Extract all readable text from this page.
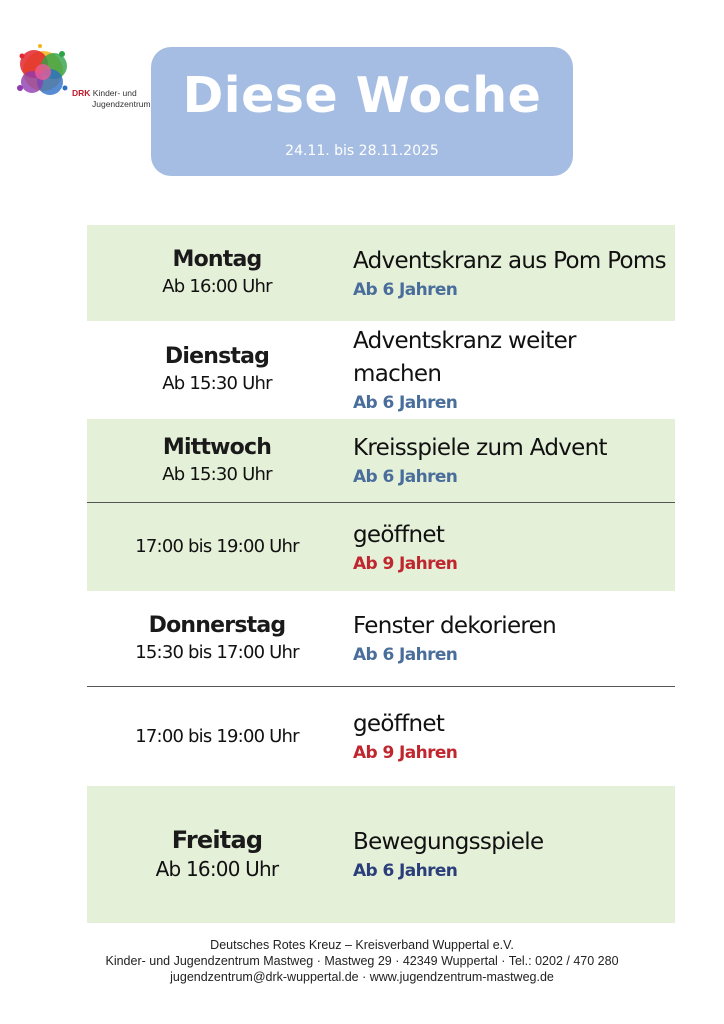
DRK Kinder- und
Jugendzentrum Diese Woche
24.11. bis 28.11.2025
Montag
Ab 16:00 Uhr
Adventskranz aus Pom Poms
Ab 6 Jahren
Dienstag
Ab 15:30 Uhr
Adventskranz weiter machen
Ab 6 Jahren
Mittwoch
Ab 15:30 Uhr
Kreisspiele zum Advent
Ab 6 Jahren
17:00 bis 19:00 Uhr	geöffnet
Ab 9 Jahren
Donnerstag
15:30 bis 17:00 Uhr
Fenster dekorieren
Ab 6 Jahren
17:00 bis 19:00 Uhr	geöffnet
Ab 9 Jahren
Freitag
Ab 16:00 Uhr
Bewegungsspiele
Ab 6 Jahren
Deutsches Rotes Kreuz – Kreisverband Wuppertal e.V.
Kinder- und Jugendzentrum Mastweg · Mastweg 29 · 42349 Wuppertal · Tel.: 0202 / 470 280
jugendzentrum@drk-wuppertal.de · www.jugendzentrum-mastweg.de
